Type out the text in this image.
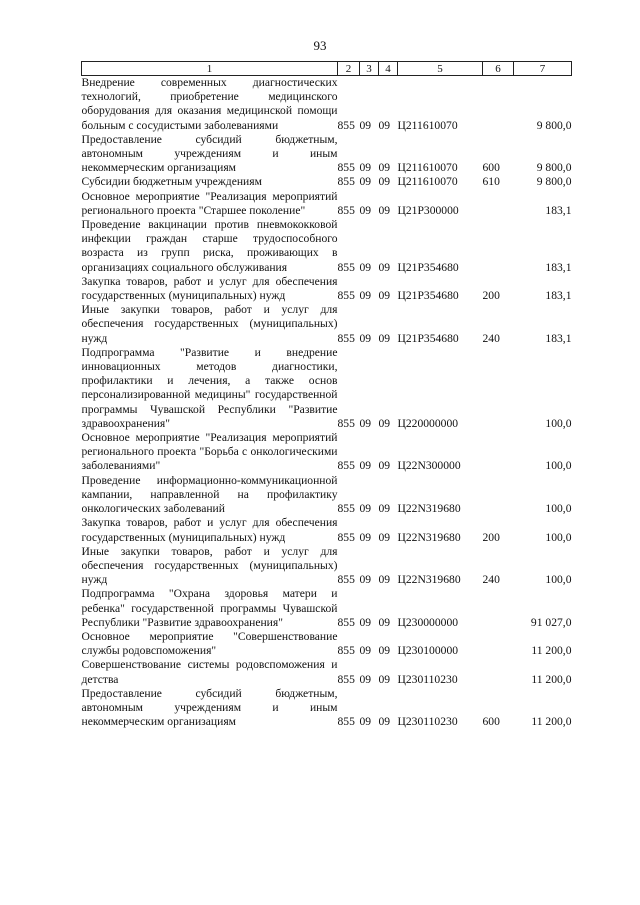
93
1	2	3	4	5	6	7
Внедрение современных диагностических технологий, приобретение медицинского оборудования для оказания медицинской помощи больным с сосудистыми заболеваниями	855	09	09	Ц211610070		9 800,0
Предоставление субсидий бюджетным, автономным учреждениям и иным некоммерческим организациям	855	09	09	Ц211610070	600	9 800,0
Субсидии бюджетным учреждениям	855	09	09	Ц211610070	610	9 800,0
Основное мероприятие "Реализация мероприятий регионального проекта "Старшее поколение"	855	09	09	Ц21P300000		183,1
Проведение вакцинации против пневмококковой инфекции граждан старше трудоспособного возраста из групп риска, проживающих в организациях социального обслуживания	855	09	09	Ц21P354680		183,1
Закупка товаров, работ и услуг для обеспечения государственных (муниципальных) нужд	855	09	09	Ц21P354680	200	183,1
Иные закупки товаров, работ и услуг для обеспечения государственных (муниципальных) нужд	855	09	09	Ц21P354680	240	183,1
Подпрограмма "Развитие и внедрение инновационных методов диагностики, профилактики и лечения, а также основ персонализированной медицины" государственной программы Чувашской Республики "Развитие здравоохранения"	855	09	09	Ц220000000		100,0
Основное мероприятие "Реализация мероприятий регионального проекта "Борьба с онкологическими заболеваниями"	855	09	09	Ц22N300000		100,0
Проведение информационно-коммуникационной кампании, направленной на профилактику онкологических заболеваний	855	09	09	Ц22N319680		100,0
Закупка товаров, работ и услуг для обеспечения государственных (муниципальных) нужд	855	09	09	Ц22N319680	200	100,0
Иные закупки товаров, работ и услуг для обеспечения государственных (муниципальных) нужд	855	09	09	Ц22N319680	240	100,0
Подпрограмма "Охрана здоровья матери и ребенка" государственной программы Чувашской Республики "Развитие здравоохранения"	855	09	09	Ц230000000		91 027,0
Основное мероприятие "Совершенствование службы родовспоможения"	855	09	09	Ц230100000		11 200,0
Совершенствование системы родовспоможения и детства	855	09	09	Ц230110230		11 200,0
Предоставление субсидий бюджетным, автономным учреждениям и иным некоммерческим организациям	855	09	09	Ц230110230	600	11 200,0
